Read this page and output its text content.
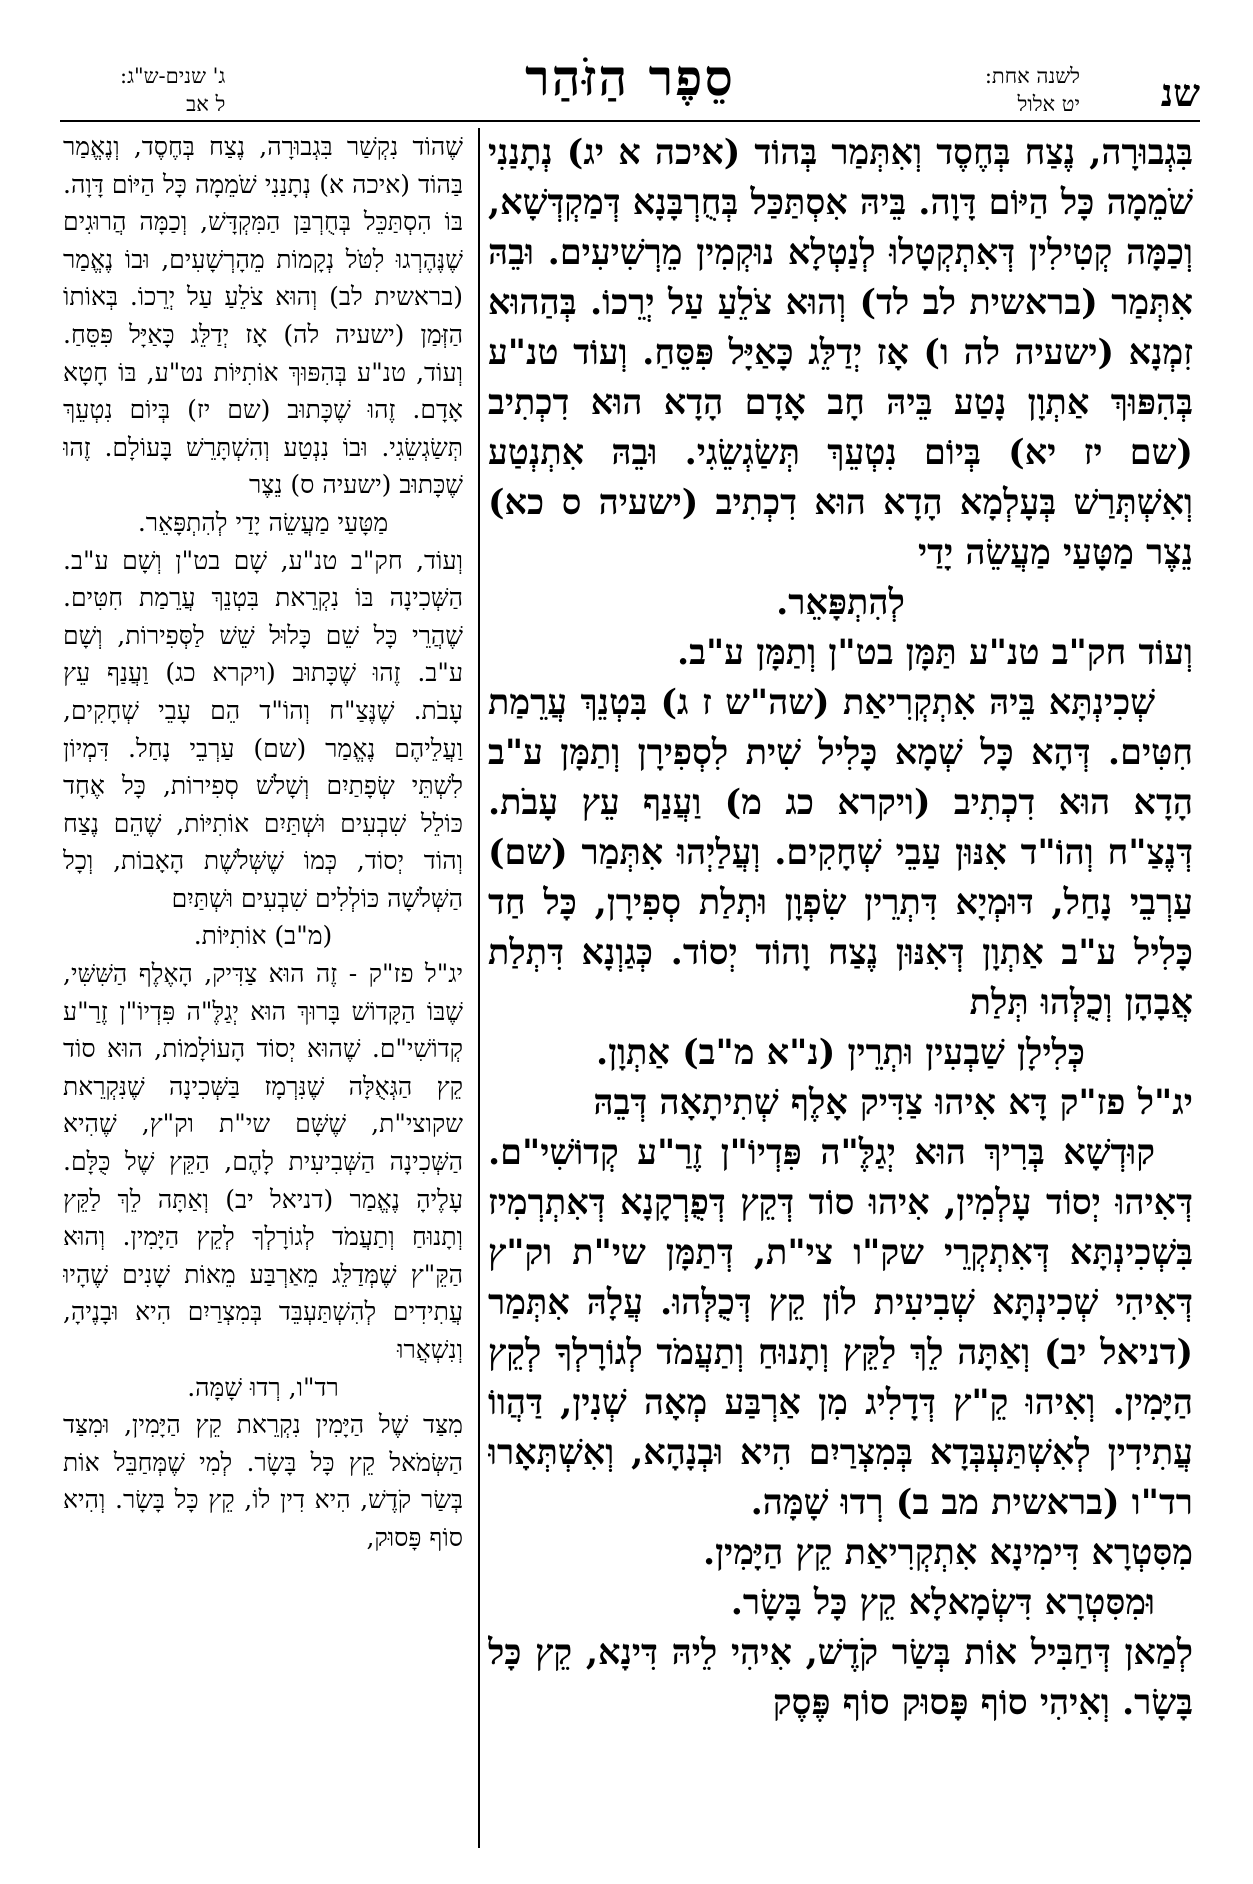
שנ
לשנה אחת:
יט אלול
סֵפֶר הַזֹּהַר
ג' שנים-ש"ג:
ל אב

בִּגְבוּרָה, נֶצַח בְּחֶסֶד וְאִתְּמַר בְּהוֹד (איכה א יג) נְתָנַנִי שֹׁמֵמָה כָּל הַיּוֹם דָּוָה. בֵּיהּ אִסְתַּכַּל בְּחֻרְבָּנָא דְּמַקְדְּשָׁא, וְכַמָּה קְטִילִין דְּאִתְקְטָלוּ לְנַטְלָא נוּקְמִין מֵרְשִׁיעִים. וּבֵהּ אִתְּמַר (בראשית לב לד) וְהוּא צֹלֵעַ עַל יְרֵכוֹ. בְּהַהוּא זִמְנָא (ישעיה לה ו) אָז יְדַלֵּג כָּאַיָּל פִּסֵּחַ. וְעוֹד טנ"ע בְּהִפּוּךְ אַתְוָן נָטַע בֵּיהּ חָב אָדָם הָדָא הוּא דִכְתִיב (שם יז יא) בְּיוֹם נִטְעֵךְ תְּשַׂגְשֵׂגִי. וּבֵהּ אִתְנְטַע וְאִשְׁתְּרַשׁ בְּעָלְמָא הָדָא הוּא דִכְתִיב (ישעיה ס כא) נֵצֶר מַטָּעַי מַעֲשֵׂה יָדַי

לְהִתְפָּאֵר.

וְעוֹד חק"ב טנ"ע תַּמָּן בט"ן וְתַמָּן ע"ב.

שְׁכִינְתָּא בֵּיהּ אִתְקְרִיאַת (שה"ש ז ג) בִּטְנֵךְ עֲרֵמַת חִטִּים. דְּהָא כָּל שְׁמָא כָּלִיל שִׁית לִסְפִירָן וְתַמָּן ע"ב הָדָא הוּא דִכְתִיב (ויקרא כג מ) וַעֲנַף עֵץ עָבֹת. דְּנֶצַ"ח וְהוֹ"ד אִנּוּן עַבֵי שְׁחָקִים. וְעֲלַיְהוּ אִתְּמַר (שם) עַרְבֵי נָחַל, דּוּמְיָא דִּתְרֵין שִׂפְוָן וּתְלַת סְפִירָן, כָּל חַד כָּלִיל ע"ב אַתְוָן דְּאִנּוּן נֶצַח וָהוֹד יְסוֹד. כְּגַוְנָא דִּתְלַת אֲבָהָן וְכֻלְּהוּ תְּלַת

כְּלִילָן שַׁבְעִין וּתְרֵין (נ"א מ"ב) אַתְוָן.

יג"ל פז"ק דָּא אִיהוּ צַדִּיק אָלֶף שְׁתִיתָאָה דְּבֵהּ

קוּדְשָׁא בְּרִיךְ הוּא יְגַלֶּ"ה פִּדְיוֹ"ן זֶרַ"ע קְדוֹשִׁי"ם. דְּאִיהוּ יְסוֹד עָלְמִין, אִיהוּ סוֹד דְּקֵץ דְּפֻרְקָנָא דְּאִתְרְמִיז בִּשְׁכִינְתָּא דְּאִתְקְרֵי שק"ו צי"ת, דְּתַמָּן שי"ת וק"ץ דְּאִיהִי שְׁכִינְתָּא שְׁבִיעִית לוֹן קֵץ דְּכֻלְּהוּ. עֲלָהּ אִתְּמַר (דניאל יב) וְאַתָּה לֵךְ לַקֵּץ וְתָנוּחַ וְתַעֲמֹד לְגוֹרָלְךָ לְקֵץ הַיָּמִין. וְאִיהוּ קֵ"ץ דְּדָלִיג מִן אַרְבַּע מְאָה שְׁנִין, דַּהֲווֹ עֲתִידִין לְאִשְׁתַּעְבְּדָא בְּמִצְרַיִם הִיא וּבְנָהָא, וְאִשְׁתְּאָרוּ רד"ו (בראשית מב ב) רְדוּ שָׁמָּה.

מִסִּטְרָא דִּימִינָא אִתְקְרִיאַת קֵץ הַיָּמִין.

וּמִסִּטְרָא דִּשְׂמָאלָא קֵץ כָּל בָּשָׂר.

לְמַאן דְּחַבִּיל אוֹת בְּשַׂר קֹדֶשׁ, אִיהִי לֵיהּ דִּינָא, קֵץ כָּל בָּשָׂר. וְאִיהִי סוֹף פָּסוּק סוֹף פֶּסֶק

שֶׁהוֹד נִקְשַׁר בִּגְבוּרָה, נֶצַח בְּחֶסֶד, וְנֶאֱמַר בַּהוֹד (איכה א) נְתָנַנִי שֹׁמֵמָה כָּל הַיּוֹם דָּוָה. בּוֹ הִסְתַּכֵּל בְּחֻרְבַּן הַמִּקְדָּשׁ, וְכַמָּה הֲרוּגִים שֶׁנֶּהֶרְגוּ לִטֹּל נְקָמוֹת מֵהָרְשָׁעִים, וּבוֹ נֶאֱמַר (בראשית לב) וְהוּא צֹלֵעַ עַל יְרֵכוֹ. בְּאוֹתוֹ הַזְּמַן (ישעיה לה) אָז יְדַלֵּג כָּאַיָּל פִּסֵּחַ. וְעוֹד, טנ"ע בְּהִפּוּךְ אוֹתִיּוֹת נט"ע, בּוֹ חָטָא אָדָם. זֶהוּ שֶׁכָּתוּב (שם יז) בְּיוֹם נִטְעֵךְ תְּשַׂגְשֵׂגִי. וּבוֹ נִנְטַע וְהִשְׁתָּרֵשׁ בָּעוֹלָם. זֶהוּ שֶׁכָּתוּב (ישעיה ס) נֵצֶר

מַטָּעַי מַעֲשֵׂה יָדַי לְהִתְפָּאֵר.

וְעוֹד, חק"ב טנ"ע, שָׁם בט"ן וְשָׁם ע"ב. הַשְּׁכִינָה בּוֹ נִקְרֵאת בִּטְנֵךְ עֲרֵמַת חִטִּים. שֶׁהֲרֵי כָּל שֵׁם כָּלוּל שֵׁשׁ לַסְּפִירוֹת, וְשָׁם ע"ב. זֶהוּ שֶׁכָּתוּב (ויקרא כג) וַעֲנַף עֵץ עָבֹת. שֶׁנֶּצַ"ח וְהוֹ"ד הֵם עָבֵי שְׁחָקִים, וַעֲלֵיהֶם נֶאֱמַר (שם) עַרְבֵי נָחַל. דִּמְיוֹן לִשְׁתֵּי שְׂפָתַיִם וְשָׁלֹשׁ סְפִירוֹת, כָּל אֶחָד כּוֹלֵל שִׁבְעִים וּשְׁתַּיִם אוֹתִיּוֹת, שֶׁהֵם נֶצַח וְהוֹד יְסוֹד, כְּמוֹ שֶׁשְּׁלֹשֶׁת הָאָבוֹת, וְכָל הַשְּׁלֹשָׁה כּוֹלְלִים שִׁבְעִים וּשְׁתַּיִם

(מ"ב) אוֹתִיּוֹת.

יג"ל פז"ק - זֶה הוּא צַדִּיק, הָאֶלֶף הַשִּׁשִּׁי, שֶׁבּוֹ הַקָּדוֹשׁ בָּרוּךְ הוּא יְגַלֶּ"ה פִּדְיוֹ"ן זֶרַ"ע קְדוֹשִׁי"ם. שֶׁהוּא יְסוֹד הָעוֹלָמוֹת, הוּא סוֹד קֵץ הַגְּאֻלָּה שֶׁנִּרְמָז בַּשְּׁכִינָה שֶׁנִּקְרֵאת שקוצי"ת, שֶׁשָּׁם שי"ת וק"ץ, שֶׁהִיא הַשְּׁכִינָה הַשְּׁבִיעִית לָהֶם, הַקֵּץ שֶׁל כֻּלָּם. עָלֶיהָ נֶאֱמַר (דניאל יב) וְאַתָּה לֵךְ לַקֵּץ וְתָנוּחַ וְתַעֲמֹד לְגוֹרָלְךָ לְקֵץ הַיָּמִין. וְהוּא הַקֵּ"ץ שֶׁמְּדַלֵּג מֵאַרְבַּע מֵאוֹת שָׁנִים שֶׁהָיוּ עֲתִידִים לְהִשְׁתַּעְבֵּד בְּמִצְרַיִם הִיא וּבָנֶיהָ, וְנִשְׁאֲרוּ

רד"ו, רְדוּ שָׁמָּה.

מִצַּד שֶׁל הַיָּמִין נִקְרֵאת קֵץ הַיָּמִין, וּמִצַּד הַשְּׂמֹאל קֵץ כָּל בָּשָׂר. לְמִי שֶׁמְּחַבֵּל אוֹת בְּשַׂר קֹדֶשׁ, הִיא דִין לוֹ, קֵץ כָּל בָּשָׂר. וְהִיא סוֹף פָּסוּק,
